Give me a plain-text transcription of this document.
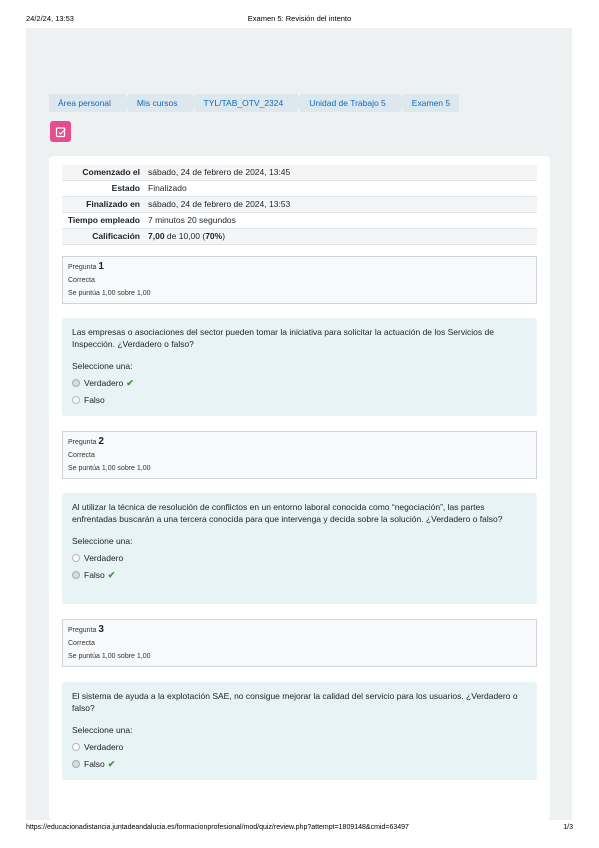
24/2/24, 13:53	Examen 5: Revisión del intento
Área personal	Mis cursos	TYL/TAB_OTV_2324	Unidad de Trabajo 5	Examen 5
Comenzado el	sábado, 24 de febrero de 2024, 13:45
Estado	Finalizado
Finalizado en	sábado, 24 de febrero de 2024, 13:53
Tiempo empleado	7 minutos 20 segundos
Calificación	7,00 de 10,00 (70%)
Pregunta 1
Correcta
Se puntúa 1,00 sobre 1,00
Las empresas o asociaciones del sector pueden tomar la iniciativa para solicitar la actuación de los Servicios de Inspección. ¿Verdadero o falso?
Seleccione una:
Verdadero ✔
Falso
Pregunta 2
Correcta
Se puntúa 1,00 sobre 1,00
Al utilizar la técnica de resolución de conflictos en un entorno laboral conocida como “negociación”, las partes enfrentadas buscarán a una tercera conocida para que intervenga y decida sobre la solución. ¿Verdadero o falso?
Seleccione una:
Verdadero
Falso ✔
Pregunta 3
Correcta
Se puntúa 1,00 sobre 1,00
El sistema de ayuda a la explotación SAE, no consigue mejorar la calidad del servicio para los usuarios. ¿Verdadero o falso?
Seleccione una:
Verdadero
Falso ✔
https://educacionadistancia.juntadeandalucia.es/formacionprofesional/mod/quiz/review.php?attempt=1809148&cmid=63497	1/3
